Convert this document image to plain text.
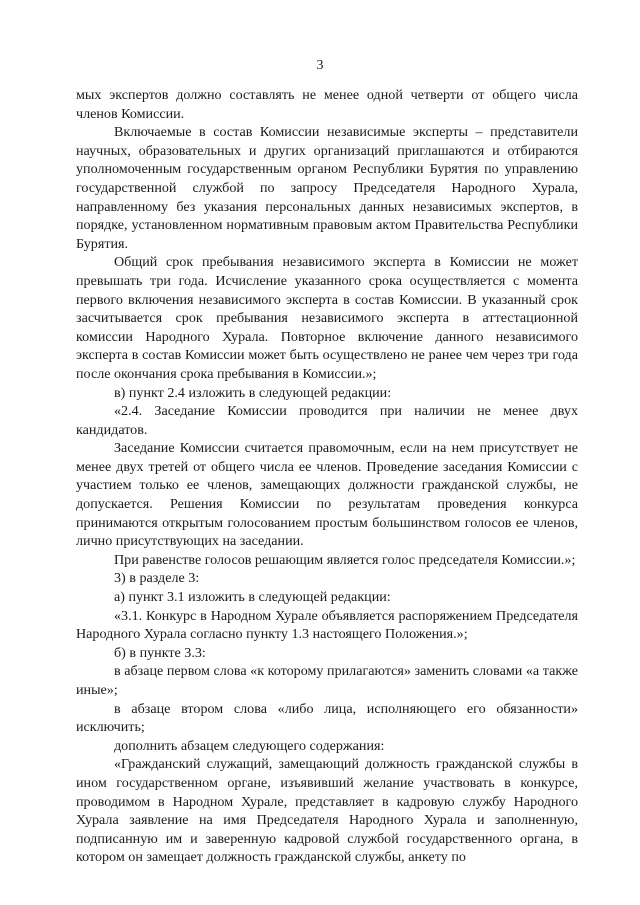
3

мых экспертов должно составлять не менее одной четверти от общего числа членов Комиссии.

Включаемые в состав Комиссии независимые эксперты – представители научных, образовательных и других организаций приглашаются и отбираются уполномоченным государственным органом Республики Бурятия по управлению государственной службой по запросу Председателя Народного Хурала, направленному без указания персональных данных независимых экспертов, в порядке, установленном нормативным правовым актом Правительства Республики Бурятия.

Общий срок пребывания независимого эксперта в Комиссии не может превышать три года. Исчисление указанного срока осуществляется с момента первого включения независимого эксперта в состав Комиссии. В указанный срок засчитывается срок пребывания независимого эксперта в аттестационной комиссии Народного Хурала. Повторное включение данного независимого эксперта в состав Комиссии может быть осуществлено не ранее чем через три года после окончания срока пребывания в Комиссии.»;

в) пункт 2.4 изложить в следующей редакции:

«2.4. Заседание Комиссии проводится при наличии не менее двух кандидатов.

Заседание Комиссии считается правомочным, если на нем присутствует не менее двух третей от общего числа ее членов. Проведение заседания Комиссии с участием только ее членов, замещающих должности гражданской службы, не допускается. Решения Комиссии по результатам проведения конкурса принимаются открытым голосованием простым большинством голосов ее членов, лично присутствующих на заседании.

При равенстве голосов решающим является голос председателя Комиссии.»;

3) в разделе 3:

а) пункт 3.1 изложить в следующей редакции:

«3.1. Конкурс в Народном Хурале объявляется распоряжением Председателя Народного Хурала согласно пункту 1.3 настоящего Положения.»;

б) в пункте 3.3:

в абзаце первом слова «к которому прилагаются» заменить словами «а также иные»;

в абзаце втором слова «либо лица, исполняющего его обязанности» исключить;

дополнить абзацем следующего содержания:

«Гражданский служащий, замещающий должность гражданской службы в ином государственном органе, изъявивший желание участвовать в конкурсе, проводимом в Народном Хурале, представляет в кадровую службу Народного Хурала заявление на имя Председателя Народного Хурала и заполненную, подписанную им и заверенную кадровой службой государственного органа, в котором он замещает должность гражданской службы, анкету по
